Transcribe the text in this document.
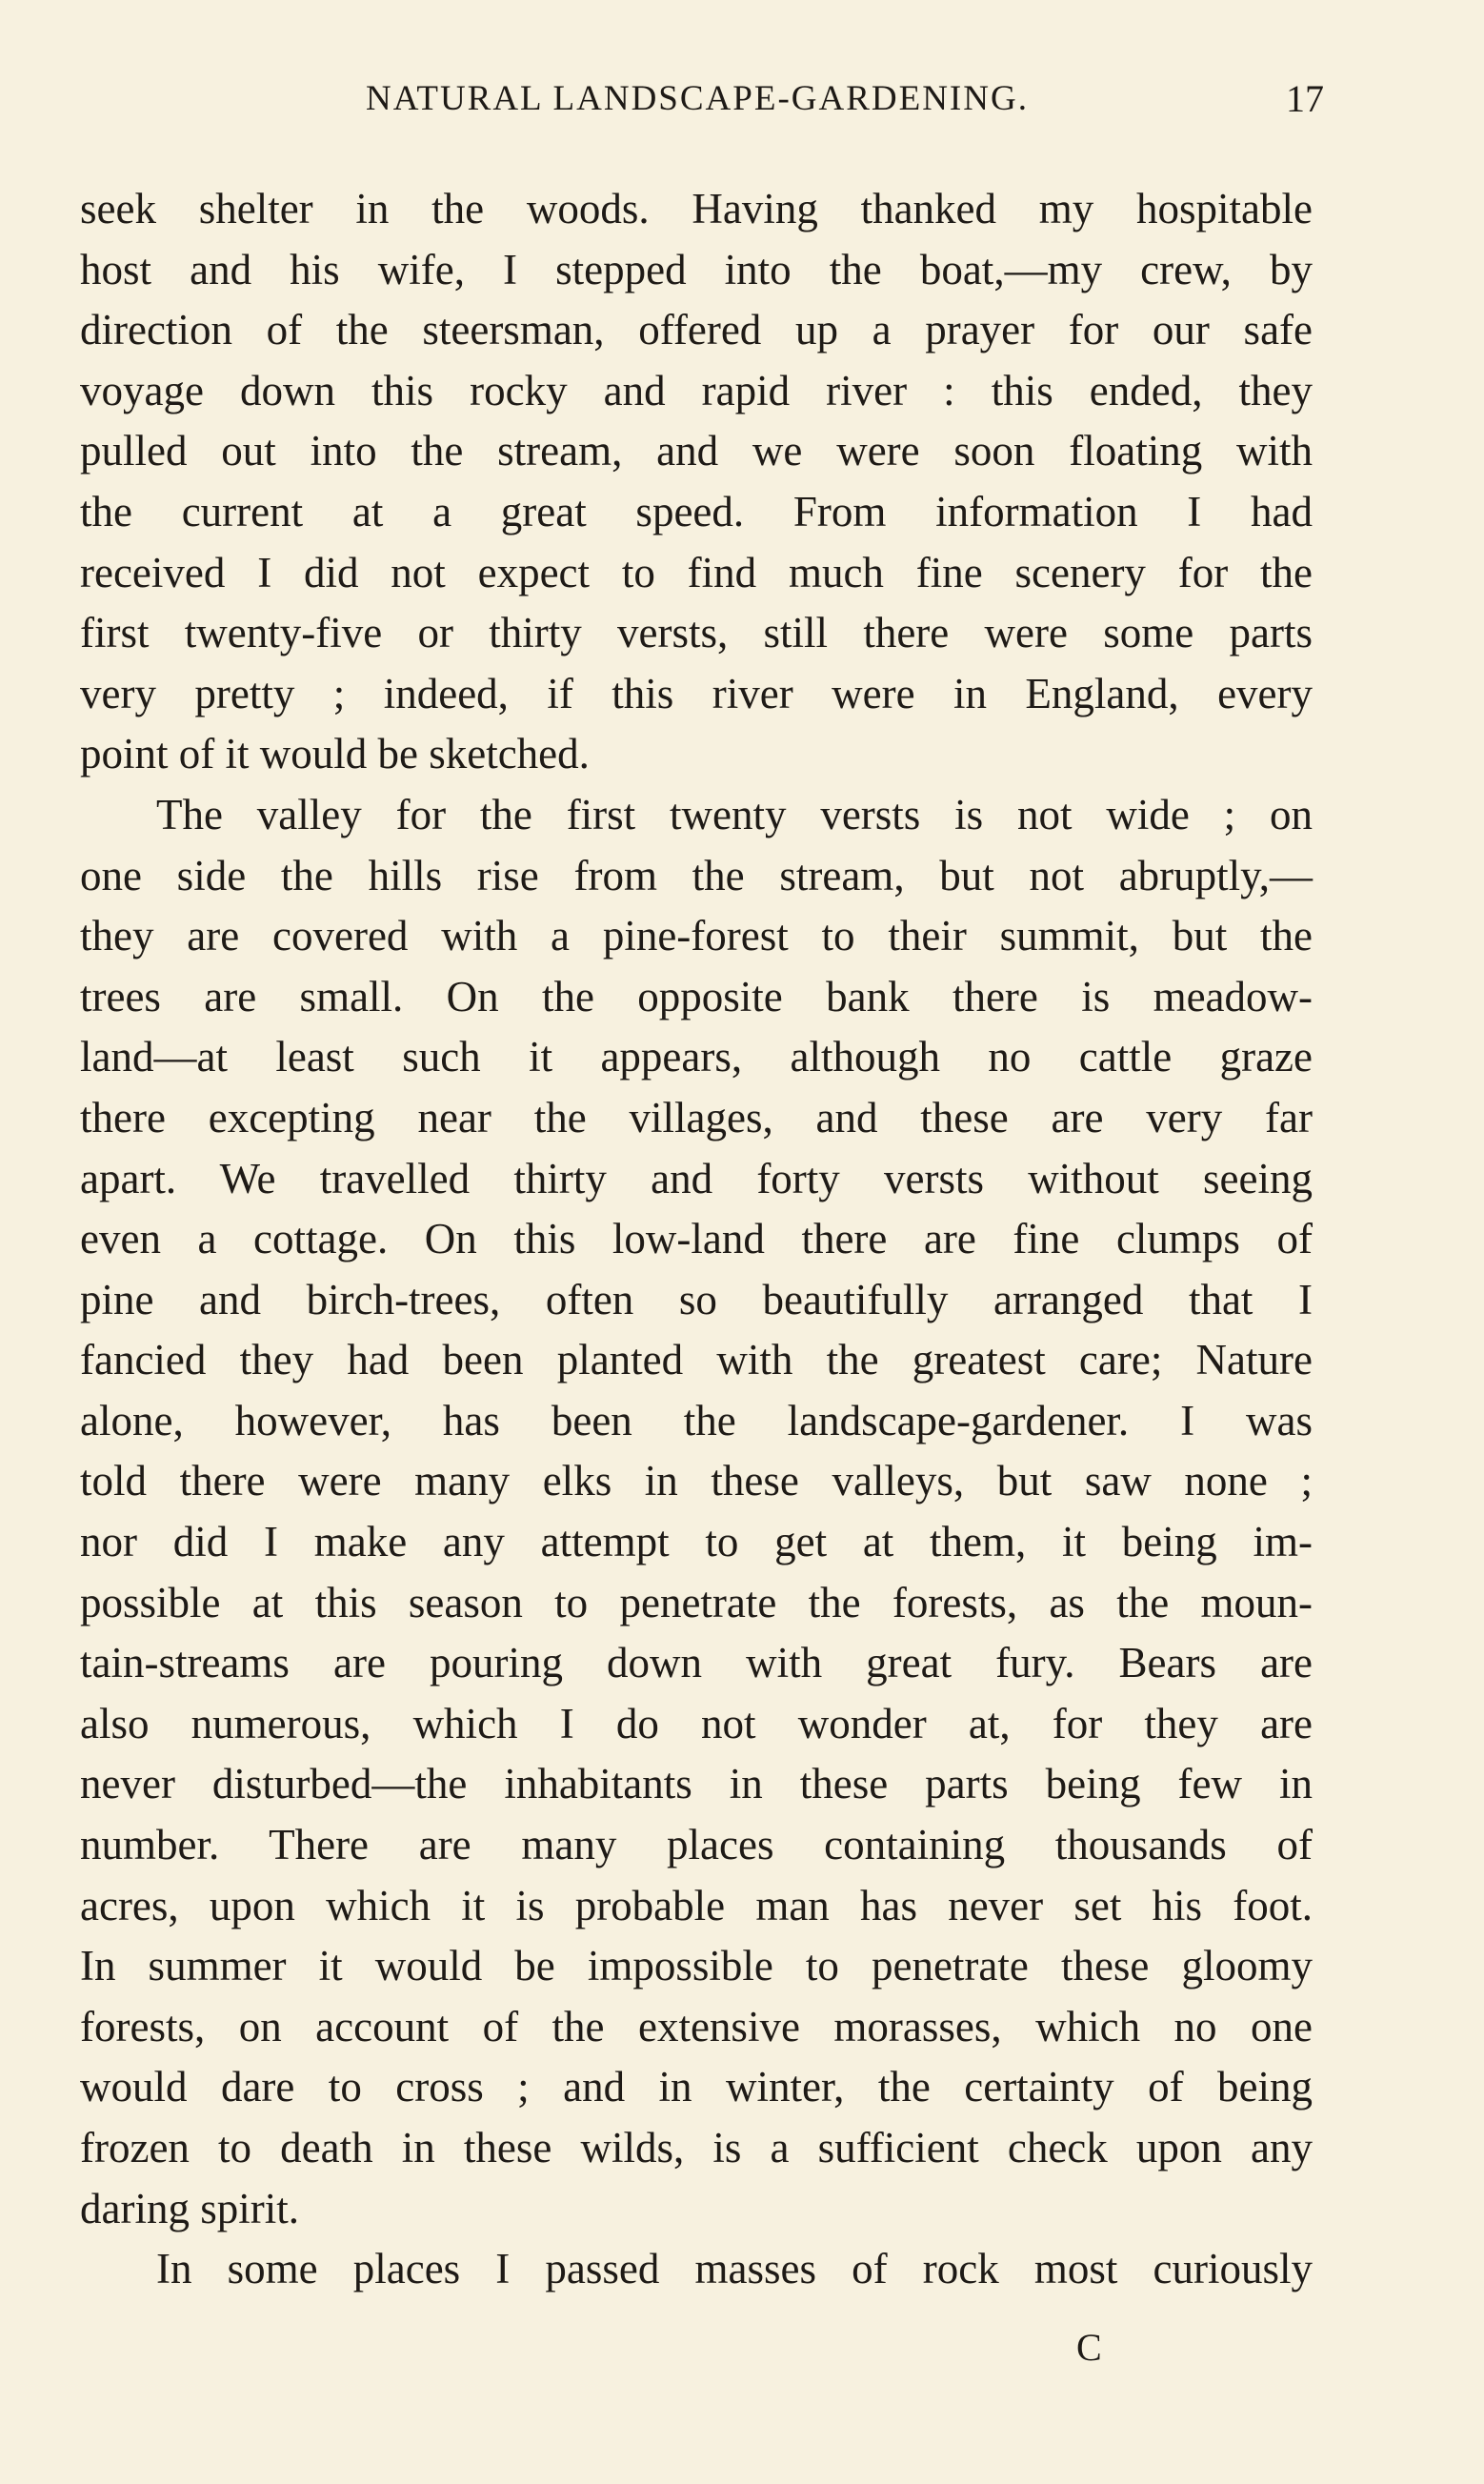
NATURAL LANDSCAPE-GARDENING.	17
seek shelter in the woods. Having thanked my hospitable
host and his wife, I stepped into the boat,—my crew, by
direction of the steersman, offered up a prayer for our safe
voyage down this rocky and rapid river : this ended, they
pulled out into the stream, and we were soon floating with
the current at a great speed. From information I had
received I did not expect to find much fine scenery for the
first twenty-five or thirty versts, still there were some parts
very pretty ; indeed, if this river were in England, every
point of it would be sketched.
The valley for the first twenty versts is not wide ; on
one side the hills rise from the stream, but not abruptly,—
they are covered with a pine-forest to their summit, but the
trees are small. On the opposite bank there is meadow-
land—at least such it appears, although no cattle graze
there excepting near the villages, and these are very far
apart. We travelled thirty and forty versts without seeing
even a cottage. On this low-land there are fine clumps of
pine and birch-trees, often so beautifully arranged that I
fancied they had been planted with the greatest care; Nature
alone, however, has been the landscape-gardener. I was
told there were many elks in these valleys, but saw none ;
nor did I make any attempt to get at them, it being im-
possible at this season to penetrate the forests, as the moun-
tain-streams are pouring down with great fury. Bears are
also numerous, which I do not wonder at, for they are
never disturbed—the inhabitants in these parts being few in
number. There are many places containing thousands of
acres, upon which it is probable man has never set his foot.
In summer it would be impossible to penetrate these gloomy
forests, on account of the extensive morasses, which no one
would dare to cross ; and in winter, the certainty of being
frozen to death in these wilds, is a sufficient check upon any
daring spirit.
In some places I passed masses of rock most curiously
C
